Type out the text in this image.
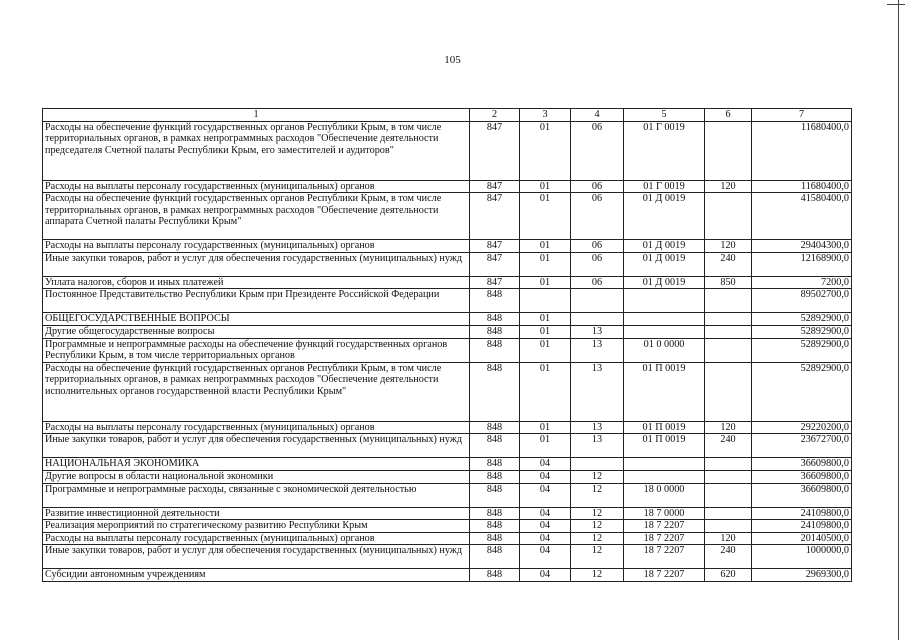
105
1	2	3	4	5	6	7
Расходы на обеспечение функций государственных органов Республики Крым, в том числе территориальных органов, в рамках непрограммных расходов "Обеспечение деятельности председателя Счетной палаты Республики Крым, его заместителей и аудиторов"	847	01	06	01 Г 0019		11680400,0
Расходы на выплаты персоналу государственных (муниципальных) органов	847	01	06	01 Г 0019	120	11680400,0
Расходы на обеспечение функций государственных органов Республики Крым, в том числе территориальных органов, в рамках непрограммных расходов "Обеспечение деятельности аппарата Счетной палаты Республики Крым"	847	01	06	01 Д 0019		41580400,0
Расходы на выплаты персоналу государственных (муниципальных) органов	847	01	06	01 Д 0019	120	29404300,0
Иные закупки товаров, работ и услуг для обеспечения государственных (муниципальных) нужд	847	01	06	01 Д 0019	240	12168900,0
Уплата налогов, сборов и иных платежей	847	01	06	01 Д 0019	850	7200,0
Постоянное Представительство Республики Крым при Президенте Российской Федерации	848					89502700,0
ОБЩЕГОСУДАРСТВЕННЫЕ ВОПРОСЫ	848	01				52892900,0
Другие общегосударственные вопросы	848	01	13			52892900,0
Программные и непрограммные расходы на обеспечение функций государственных органов Республики Крым, в том числе территориальных органов	848	01	13	01 0 0000		52892900,0
Расходы на обеспечение функций государственных органов Республики Крым, в том числе территориальных органов, в рамках непрограммных расходов "Обеспечение деятельности исполнительных органов государственной власти Республики Крым"	848	01	13	01 П 0019		52892900,0
Расходы на выплаты персоналу государственных (муниципальных) органов	848	01	13	01 П 0019	120	29220200,0
Иные закупки товаров, работ и услуг для обеспечения государственных (муниципальных) нужд	848	01	13	01 П 0019	240	23672700,0
НАЦИОНАЛЬНАЯ ЭКОНОМИКА	848	04				36609800,0
Другие вопросы в области национальной экономики	848	04	12			36609800,0
Программные и непрограммные расходы, связанные с экономической деятельностью	848	04	12	18 0 0000		36609800,0
Развитие инвестиционной деятельности	848	04	12	18 7 0000		24109800,0
Реализация мероприятий по стратегическому развитию Республики Крым	848	04	12	18 7 2207		24109800,0
Расходы на выплаты персоналу государственных (муниципальных) органов	848	04	12	18 7 2207	120	20140500,0
Иные закупки товаров, работ и услуг для обеспечения государственных (муниципальных) нужд	848	04	12	18 7 2207	240	1000000,0
Субсидии автономным учреждениям	848	04	12	18 7 2207	620	2969300,0
